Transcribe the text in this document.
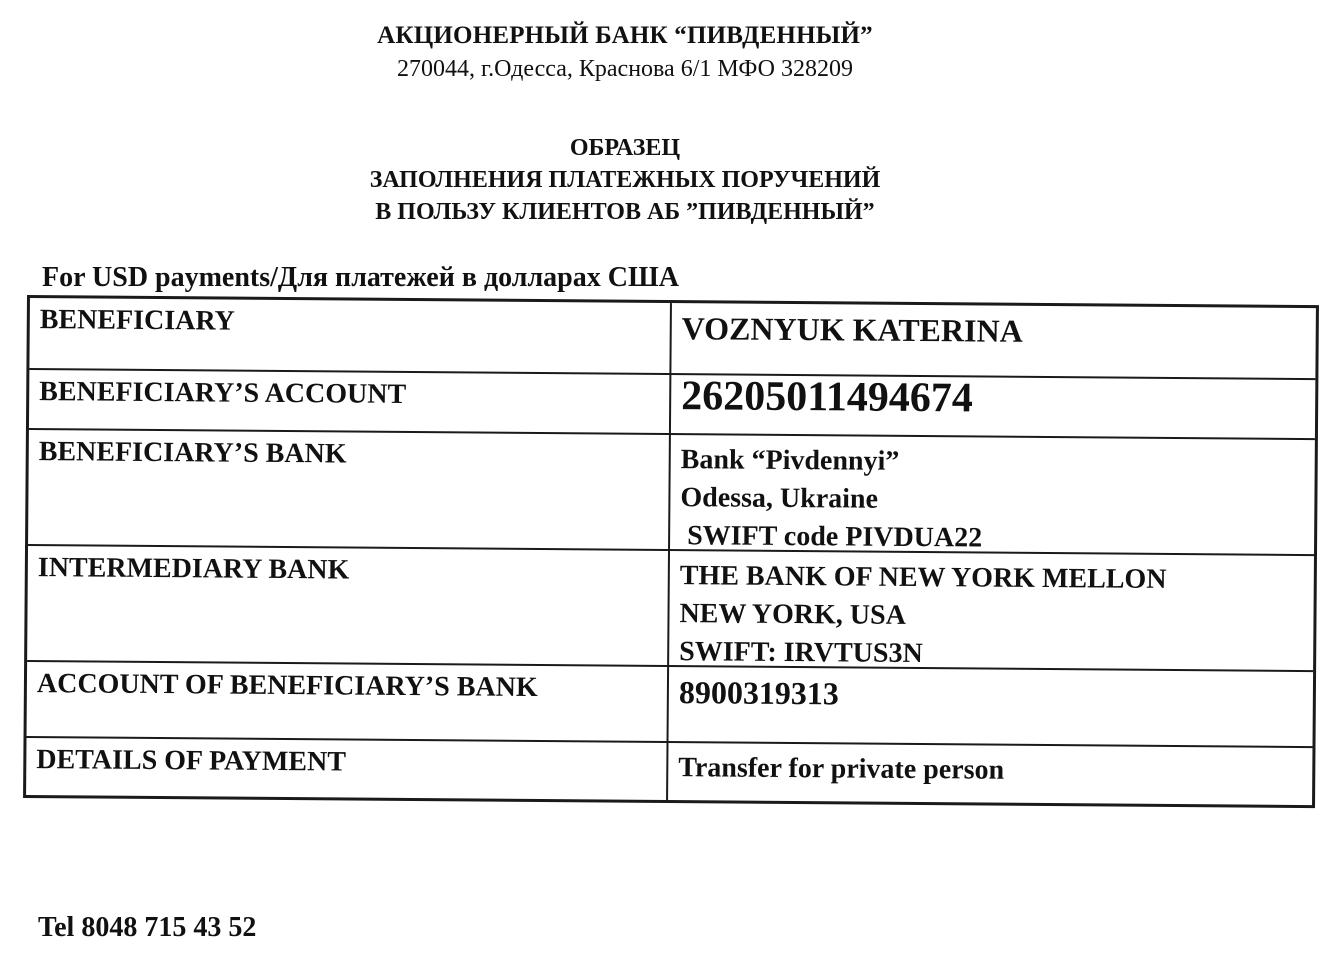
АКЦИОНЕРНЫЙ БАНК “ПИВДЕННЫЙ”
270044, г.Одесса, Краснова 6/1 МФО 328209
ОБРАЗЕЦ
ЗАПОЛНЕНИЯ ПЛАТЕЖНЫХ ПОРУЧЕНИЙ
В ПОЛЬЗУ КЛИЕНТОВ АБ ”ПИВДЕННЫЙ”
For USD payments/Для платежей в долларах США
BENEFICIARY	VOZNYUK KATERINA
BENEFICIARY’S ACCOUNT	26205011494674
BENEFICIARY’S BANK	Bank “Pivdennyi”
Odessa, Ukraine
SWIFT code PIVDUA22
INTERMEDIARY BANK	THE BANK OF NEW YORK MELLON
NEW YORK, USA
SWIFT: IRVTUS3N
ACCOUNT OF BENEFICIARY’S BANK	8900319313
DETAILS OF PAYMENT	Transfer for private person
Tel 8048 715 43 52
